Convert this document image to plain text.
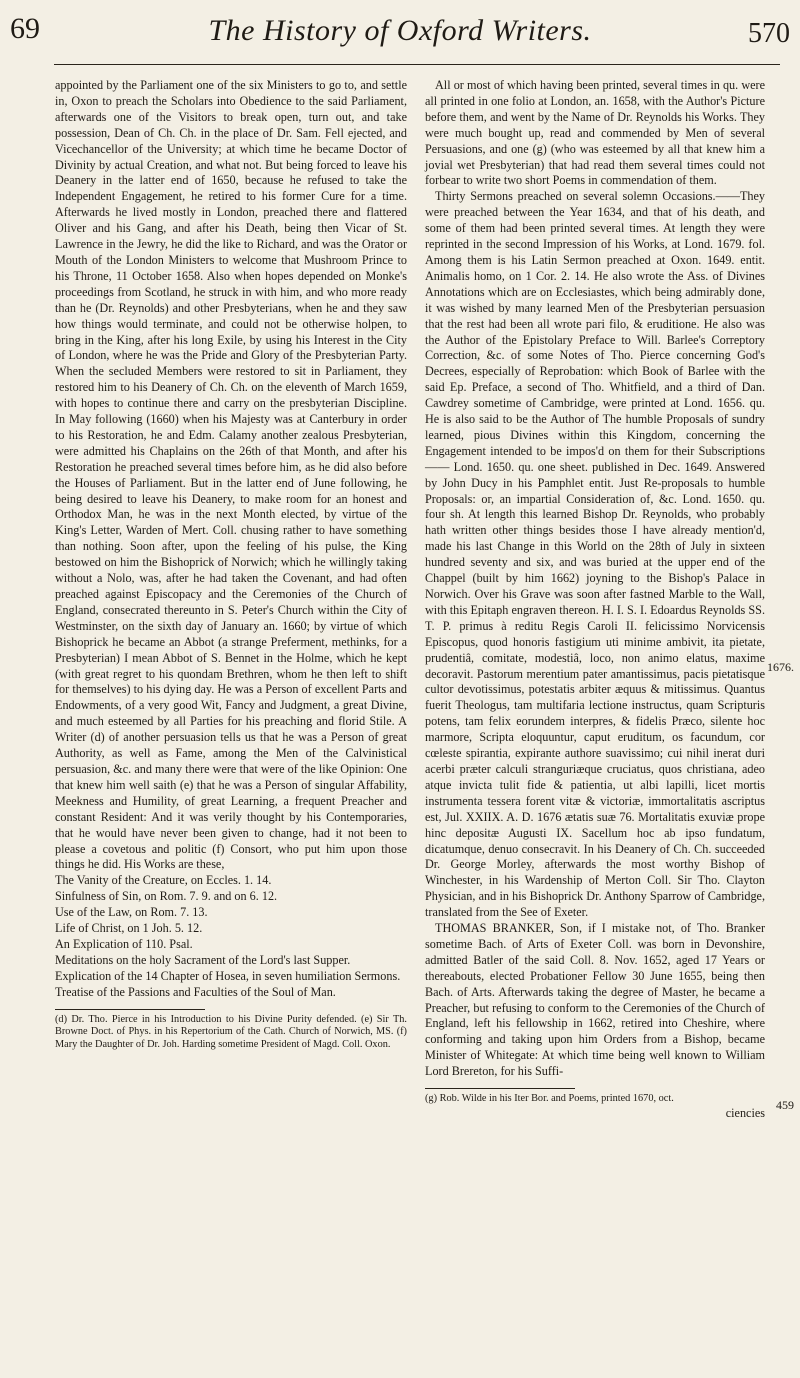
69	The History of Oxford Writers.	570

appointed by the Parliament one of the six Ministers to go to, and settle in, Oxon to preach the Scholars into Obedience to the said Parliament, afterwards one of the Visitors to break open, turn out, and take possession, Dean of Ch. Ch. in the place of Dr. Sam. Fell ejected, and Vicechancellor of the University; at which time he became Doctor of Divinity by actual Creation, and what not. But being forced to leave his Deanery in the latter end of 1650, because he refused to take the Independent Engagement, he retired to his former Cure for a time. Afterwards he lived mostly in London, preached there and flattered Oliver and his Gang, and after his Death, being then Vicar of St. Lawrence in the Jewry, he did the like to Richard, and was the Orator or Mouth of the London Ministers to welcome that Mushroom Prince to his Throne, 11 October 1658. Also when hopes depended on Monke's proceedings from Scotland, he struck in with him, and who more ready than he (Dr. Reynolds) and other Presbyterians, when he and they saw how things would terminate, and could not be otherwise holpen, to bring in the King, after his long Exile, by using his Interest in the City of London, where he was the Pride and Glory of the Presbyterian Party. When the secluded Members were restored to sit in Parliament, they restored him to his Deanery of Ch. Ch. on the eleventh of March 1659, with hopes to continue there and carry on the presbyterian Discipline. In May following (1660) when his Majesty was at Canterbury in order to his Restoration, he and Edm. Calamy another zealous Presbyterian, were admitted his Chaplains on the 26th of that Month, and after his Restoration he preached several times before him, as he did also before the Houses of Parliament. But in the latter end of June following, he being desired to leave his Deanery, to make room for an honest and Orthodox Man, he was in the next Month elected, by virtue of the King's Letter, Warden of Mert. Coll. chusing rather to have something than nothing. Soon after, upon the feeling of his pulse, the King bestowed on him the Bishoprick of Norwich; which he willingly taking without a Nolo, was, after he had taken the Covenant, and had often preached against Episcopacy and the Ceremonies of the Church of England, consecrated thereunto in S. Peter's Church within the City of Westminster, on the sixth day of January an. 1660; by virtue of which Bishoprick he became an Abbot (a strange Preferment, methinks, for a Presbyterian) I mean Abbot of S. Bennet in the Holme, which he kept (with great regret to his quondam Brethren, whom he then left to shift for themselves) to his dying day. He was a Person of excellent Parts and Endowments, of a very good Wit, Fancy and Judgment, a great Divine, and much esteemed by all Parties for his preaching and florid Stile. A Writer (d) of another persuasion tells us that he was a Person of great Authority, as well as Fame, among the Men of the Calvinistical persuasion, &c. and many there were that were of the like Opinion: One that knew him well saith (e) that he was a Person of singular Affability, Meekness and Humility, of great Learning, a frequent Preacher and constant Resident: And it was verily thought by his Contemporaries, that he would have never been given to change, had it not been to please a covetous and politic (f) Consort, who put him upon those things he did. His Works are these,

The Vanity of the Creature, on Eccles. 1. 14.

Sinfulness of Sin, on Rom. 7. 9. and on 6. 12.

Use of the Law, on Rom. 7. 13.

Life of Christ, on 1 Joh. 5. 12.

An Explication of 110. Psal.

Meditations on the holy Sacrament of the Lord's last Supper.

Explication of the 14 Chapter of Hosea, in seven humiliation Sermons.

Treatise of the Passions and Faculties of the Soul of Man.

(d) Dr. Tho. Pierce in his Introduction to his Divine Purity defended. (e) Sir Th. Browne Doct. of Phys. in his Repertorium of the Cath. Church of Norwich, MS. (f) Mary the Daughter of Dr. Joh. Harding sometime President of Magd. Coll. Oxon.

All or most of which having been printed, several times in qu. were all printed in one folio at London, an. 1658, with the Author's Picture before them, and went by the Name of Dr. Reynolds his Works. They were much bought up, read and commended by Men of several Persuasions, and one (g) (who was esteemed by all that knew him a jovial wet Presbyterian) that had read them several times could not forbear to write two short Poems in commendation of them.

Thirty Sermons preached on several solemn Occasions.——They were preached between the Year 1634, and that of his death, and some of them had been printed several times. At length they were reprinted in the second Impression of his Works, at Lond. 1679. fol. Among them is his Latin Sermon preached at Oxon. 1649. entit. Animalis homo, on 1 Cor. 2. 14. He also wrote the Ass. of Divines Annotations which are on Ecclesiastes, which being admirably done, it was wished by many learned Men of the Presbyterian persuasion that the rest had been all wrote pari filo, & eruditione. He also was the Author of the Epistolary Preface to Will. Barlee's Correptory Correction, &c. of some Notes of Tho. Pierce concerning God's Decrees, especially of Reprobation: which Book of Barlee with the said Ep. Preface, a second of Tho. Whitfield, and a third of Dan. Cawdrey sometime of Cambridge, were printed at Lond. 1656. qu. He is also said to be the Author of The humble Proposals of sundry learned, pious Divines within this Kingdom, concerning the Engagement intended to be impos'd on them for their Subscriptions —— Lond. 1650. qu. one sheet. published in Dec. 1649. Answered by John Ducy in his Pamphlet entit. Just Re-proposals to humble Proposals: or, an impartial Consideration of, &c. Lond. 1650. qu. four sh. At length this learned Bishop Dr. Reynolds, who probably hath written other things besides those I have already mention'd, made his last Change in this World on the 28th of July in sixteen hundred seventy and six, and was buried at the upper end of the Chappel (built by him 1662) joyning to the Bishop's Palace in Norwich. Over his Grave was soon after fastned Marble to the Wall, with this Epitaph engraven thereon. H. I. S. I. Edoardus Reynolds SS. T. P. primus à reditu Regis Caroli II. felicissimo Norvicensis Episcopus, quod honoris fastigium uti minime ambivit, ita pietate, prudentiâ, comitate, modestiâ, loco, non animo elatus, maxime decoravit. Pastorum merentium pater amantissimus, pacis pietatisque cultor devotissimus, potestatis arbiter æquus & mitissimus. Quantus fuerit Theologus, tam multifaria lectione instructus, quam Scripturis potens, tam felix eorundem interpres, & fidelis Præco, silente hoc marmore, Scripta eloquuntur, caput eruditum, os facundum, cor cœleste spirantia, expirante authore suavissimo; cui nihil inerat duri acerbi præter calculi stranguriæque cruciatus, quos christiana, adeo atque invicta tulit fide & patientia, ut albi lapilli, licet mortis instrumenta tessera forent vitæ & victoriæ, immortalitatis ascriptus est, Jul. XXIIX. A. D. 1676 ætatis suæ 76. Mortalitatis exuviæ prope hinc depositæ Augusti IX. Sacellum hoc ab ipso fundatum, dicatumque, denuo consecravit. In his Deanery of Ch. Ch. succeeded Dr. George Morley, afterwards the most worthy Bishop of Winchester, in his Wardenship of Merton Coll. Sir Tho. Clayton Physician, and in his Bishoprick Dr. Anthony Sparrow of Cambridge, translated from the See of Exeter.

THOMAS BRANKER, Son, if I mistake not, of Tho. Branker sometime Bach. of Arts of Exeter Coll. was born in Devonshire, admitted Batler of the said Coll. 8. Nov. 1652, aged 17 Years or thereabouts, elected Probationer Fellow 30 June 1655, being then Bach. of Arts. Afterwards taking the degree of Master, he became a Preacher, but refusing to conform to the Ceremonies of the Church of England, left his fellowship in 1662, retired into Cheshire, where conforming and taking upon him Orders from a Bishop, became Minister of Whitegate: At which time being well known to William Lord Brereton, for his Suffi-

(g) Rob. Wilde in his Iter Bor. and Poems, printed 1670, oct.

ciencies

1676.
459
